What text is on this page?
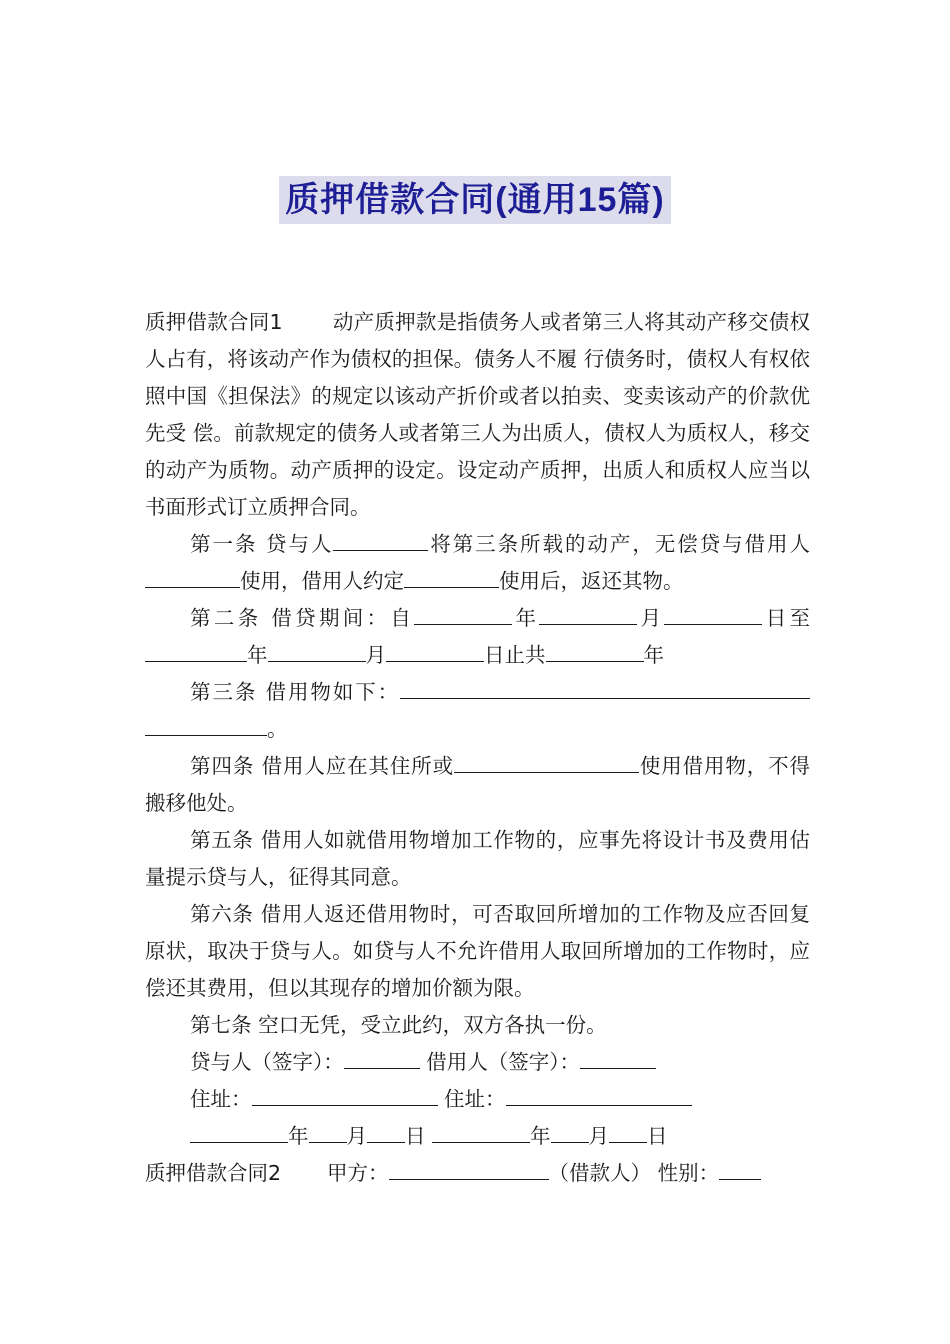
质押借款合同(通用15篇)

质押借款合同1 动产质押款是指债务人或者第三人将其动产移交债权人占有，将该动产作为债权的担保。债务人不履 行债务时，债权人有权依照中国《担保法》的规定以该动产折价或者以拍卖、变卖该动产的价款优先受 偿。前款规定的债务人或者第三人为出质人，债权人为质权人，移交的动产为质物。动产质押的设定。设定动产质押，出质人和质权人应当以书面形式订立质押合同。

第一条 贷与人	将第三条所载的动产，无偿贷与借用人使用，借用人约定	使用后，返还其物。

第二条 借贷期间：自	年	月	日至年	月	日止共	年

第三条 借用物如下：。

第四条 借用人应在其住所或	使用借用物，不得搬移他处。

第五条 借用人如就借用物增加工作物的，应事先将设计书及费用估量提示贷与人，征得其同意。

第六条 借用人返还借用物时，可否取回所增加的工作物及应否回复原状，取决于贷与人。如贷与人不允许借用人取回所增加的工作物时，应偿还其费用，但以其现存的增加价额为限。

第七条 空口无凭，受立此约，双方各执一份。

贷与人（签字）：	借用人（签字）：

住址：	住址：

年 月 日	年 月 日

质押借款合同2 甲方：	（借款人） 性别：
